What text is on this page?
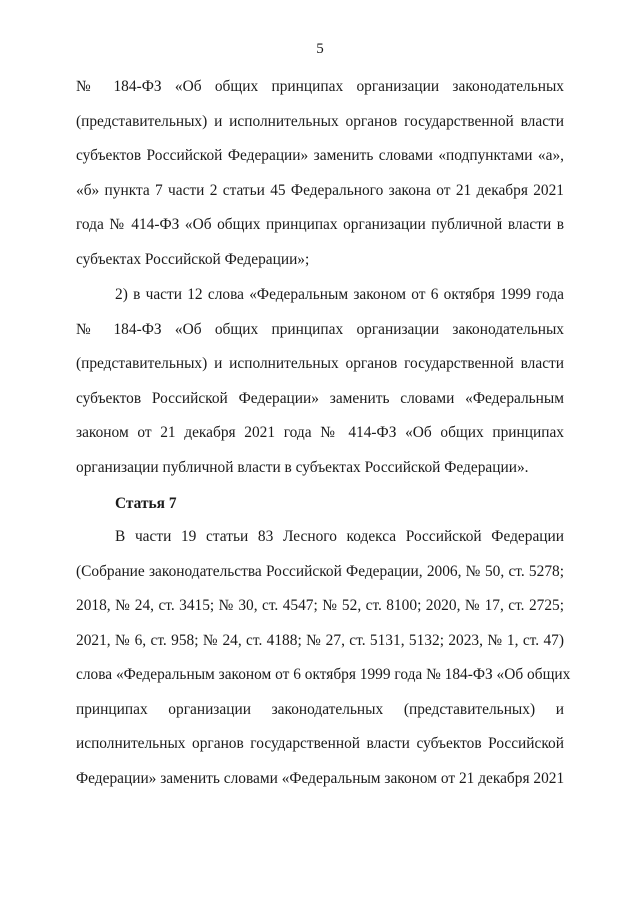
5
№ 184-ФЗ «Об общих принципах организации законодательных
(представительных) и исполнительных органов государственной власти
субъектов Российской Федерации» заменить словами «подпунктами «а»,
«б» пункта 7 части 2 статьи 45 Федерального закона от 21 декабря 2021
года № 414-ФЗ «Об общих принципах организации публичной власти в
субъектах Российской Федерации»;
2) в части 12 слова «Федеральным законом от 6 октября 1999 года
№ 184-ФЗ «Об общих принципах организации законодательных
(представительных) и исполнительных органов государственной власти
субъектов Российской Федерации» заменить словами «Федеральным
законом от 21 декабря 2021 года № 414-ФЗ «Об общих принципах
организации публичной власти в субъектах Российской Федерации».
Статья 7
В части 19 статьи 83 Лесного кодекса Российской Федерации
(Собрание законодательства Российской Федерации, 2006, № 50, ст. 5278;
2018, № 24, ст. 3415; № 30, ст. 4547; № 52, ст. 8100; 2020, № 17, ст. 2725;
2021, № 6, ст. 958; № 24, ст. 4188; № 27, ст. 5131, 5132; 2023, № 1, ст. 47)
слова «Федеральным законом от 6 октября 1999 года № 184-ФЗ «Об общих
принципах организации законодательных (представительных) и
исполнительных органов государственной власти субъектов Российской
Федерации» заменить словами «Федеральным законом от 21 декабря 2021
